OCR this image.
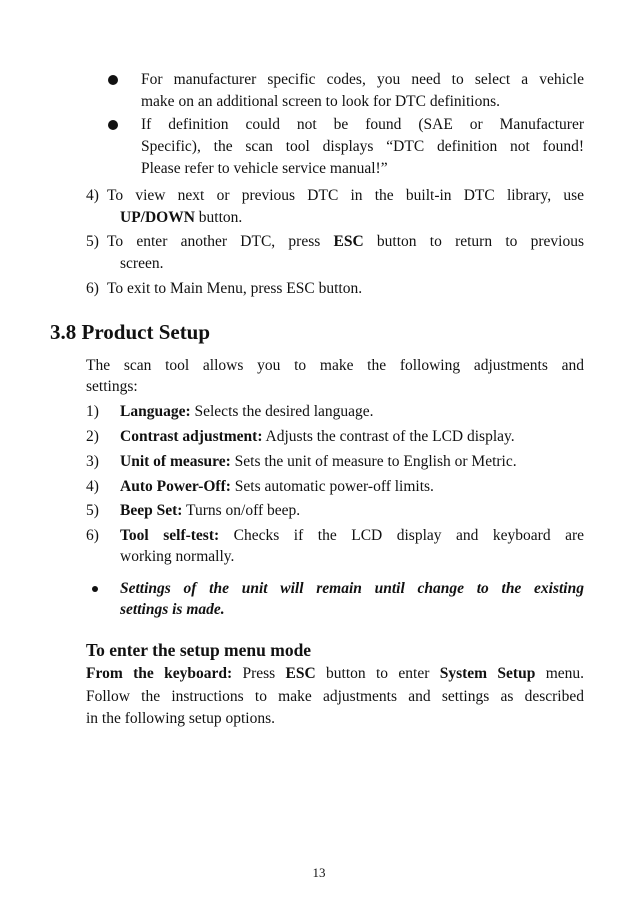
For manufacturer specific codes, you need to select a vehicle
make on an additional screen to look for DTC definitions.
If definition could not be found (SAE or Manufacturer
Specific), the scan tool displays “DTC definition not found!
Please refer to vehicle service manual!”
4) To view next or previous DTC in the built-in DTC library, use
UP/DOWN button.
5) To enter another DTC, press ESC button to return to previous
screen.
6) To exit to Main Menu, press ESC button.
3.8 Product Setup
The scan tool allows you to make the following adjustments and
settings:
1) Language: Selects the desired language.
2) Contrast adjustment: Adjusts the contrast of the LCD display.
3) Unit of measure: Sets the unit of measure to English or Metric.
4) Auto Power-Off: Sets automatic power-off limits.
5) Beep Set: Turns on/off beep.
6) Tool self-test: Checks if the LCD display and keyboard are
working normally.
Settings of the unit will remain until change to the existing
settings is made.
To enter the setup menu mode
From the keyboard: Press ESC button to enter System Setup menu.
Follow the instructions to make adjustments and settings as described
in the following setup options.
13
